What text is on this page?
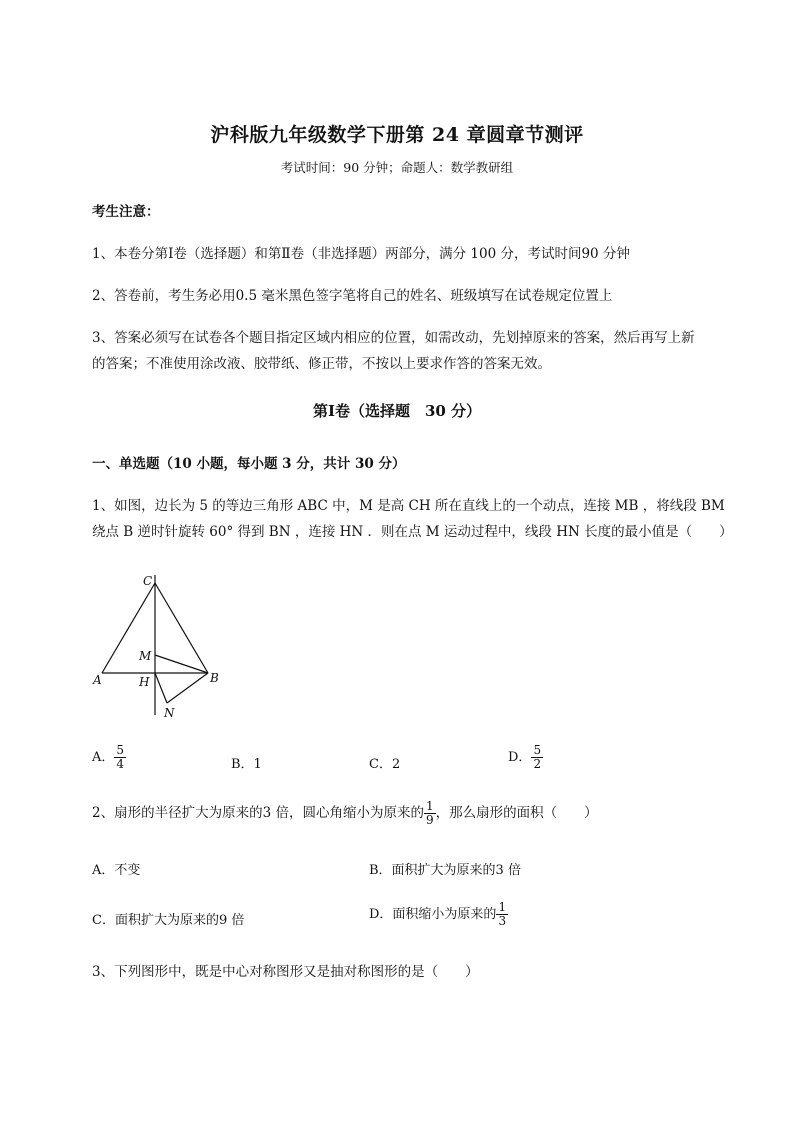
沪科版九年级数学下册第 24 章圆章节测评
考试时间：90 分钟；命题人：数学教研组
考生注意：
1、本卷分第Ⅰ卷（选择题）和第Ⅱ卷（非选择题）两部分，满分 100 分，考试时间90 分钟
2、答卷前，考生务必用0.5 毫米黑色签字笔将自己的姓名、班级填写在试卷规定位置上
3、答案必须写在试卷各个题目指定区域内相应的位置，如需改动，先划掉原来的答案，然后再写上新
的答案；不准使用涂改液、胶带纸、修正带，不按以上要求作答的答案无效。
第Ⅰ卷（选择题　30 分）
一、单选题（10 小题，每小题 3 分，共计 30 分）
1、如图，边长为 5 的等边三角形 ABC 中，M 是高 CH 所在直线上的一个动点，连接 MB ，将线段 BM
绕点 B 逆时针旋转 60° 得到 BN ，连接 HN ．则在点 M 运动过程中，线段 HN 长度的最小值是（　　）
C
M
A	H	B
N
A． $\frac{5}{4}$	B．1	C．2	D． $\frac{5}{2}$
2、扇形的半径扩大为原来的3 倍，圆心角缩小为原来的 $\frac{1}{9}$ ，那么扇形的面积（　　）
A．不变	B．面积扩大为原来的3 倍
C．面积扩大为原来的9 倍	D．面积缩小为原来的 $\frac{1}{3}$
3、下列图形中，既是中心对称图形又是抽对称图形的是（　　）
